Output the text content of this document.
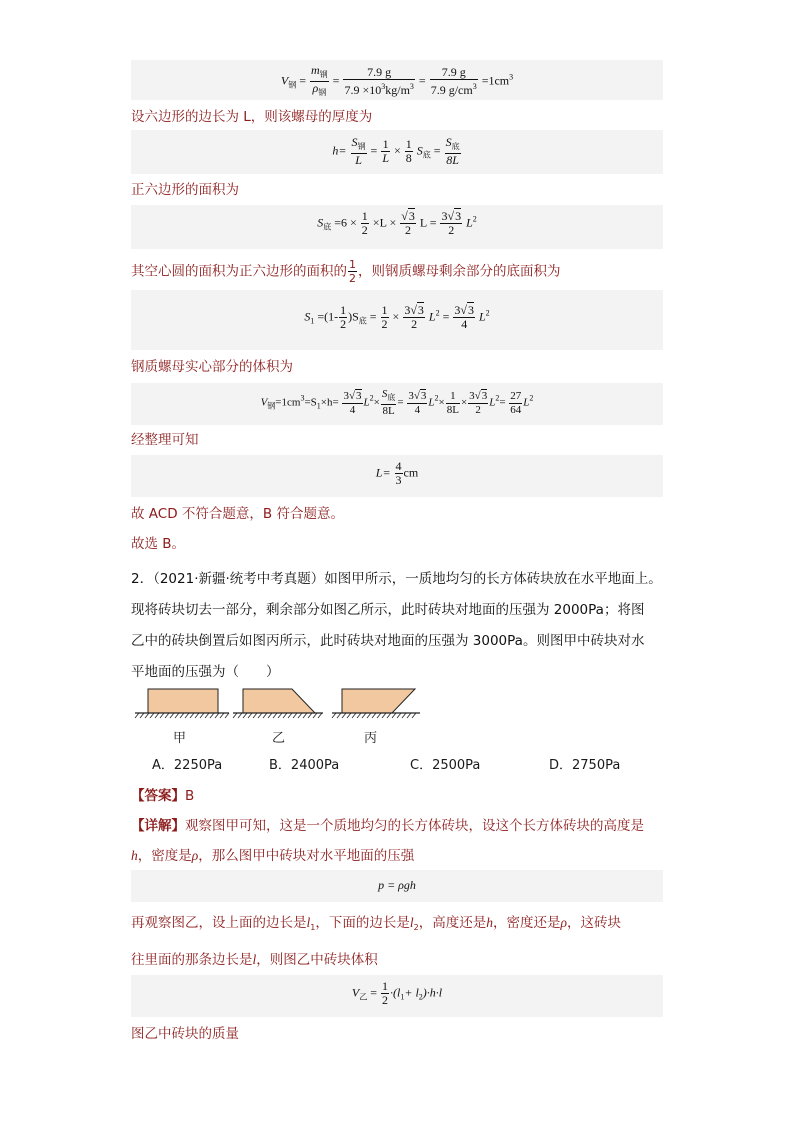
$V_钢 = \frac{m_钢}{\rho_钢} = \frac{7.9 g}{7.9 \times 10^3kg/m^3} = \frac{7.9 g}{7.9 g/cm^3} =1cm^3$
设六边形的边长为 L，则该螺母的厚度为
$h= \frac{S_钢}{L} = \frac{1}{L} \times \frac{1}{8} S_底 = \frac{S_底}{8L}$
正六边形的面积为
$S_底 =6 \times \frac{1}{2} \times L \times \frac{√3}{2}$ $L = \frac{3√3}{2} L^2$
其空心圆的面积为正六边形的面积的 $\frac{1}{2}$ ，则钢质螺母剩余部分的底面积为
$S_1 =(1- \frac{1}{2} )S_底 = \frac{1}{2} \times \frac{3√3}{2} L^2 = \frac{3√3}{4} L^2$
钢质螺母实心部分的体积为
$V_钢=1cm^3=S_1\times h= \frac{3√3}{4} L^2\times \frac{S_底}{8L} = \frac{3√3}{4} L^2\times \frac{1}{8L} \times \frac{3√3}{2} L^2= \frac{27}{64} L^2$
经整理可知
$L= \frac{4}{3}$ cm
故 ACD 不符合题意，B 符合题意。
故选 B。
2．（2021·新疆·统考中考真题）如图甲所示，一质地均匀的长方体砖块放在水平地面上。
现将砖块切去一部分，剩余部分如图乙所示，此时砖块对地面的压强为 2000Pa；将图
乙中的砖块倒置后如图丙所示，此时砖块对地面的压强为 3000Pa。则图甲中砖块对水
平地面的压强为（　　）
甲	乙	丙
A．2250Pa	B．2400Pa	C．2500Pa	D．2750Pa
【答案】B
【详解】观察图甲可知，这是一个质地均匀的长方体砖块，设这个长方体砖块的高度是
h，密度是ρ，那么图甲中砖块对水平地面的压强
p = ρgh
再观察图乙，设上面的边长是$l_1$，下面的边长是$l_2$，高度还是h，密度还是ρ，这砖块
往里面的那条边长是l，则图乙中砖块体积
$V_乙 = \frac{1}{2} \cdot(l_1+ l_2)\cdot h\cdot l$
图乙中砖块的质量
